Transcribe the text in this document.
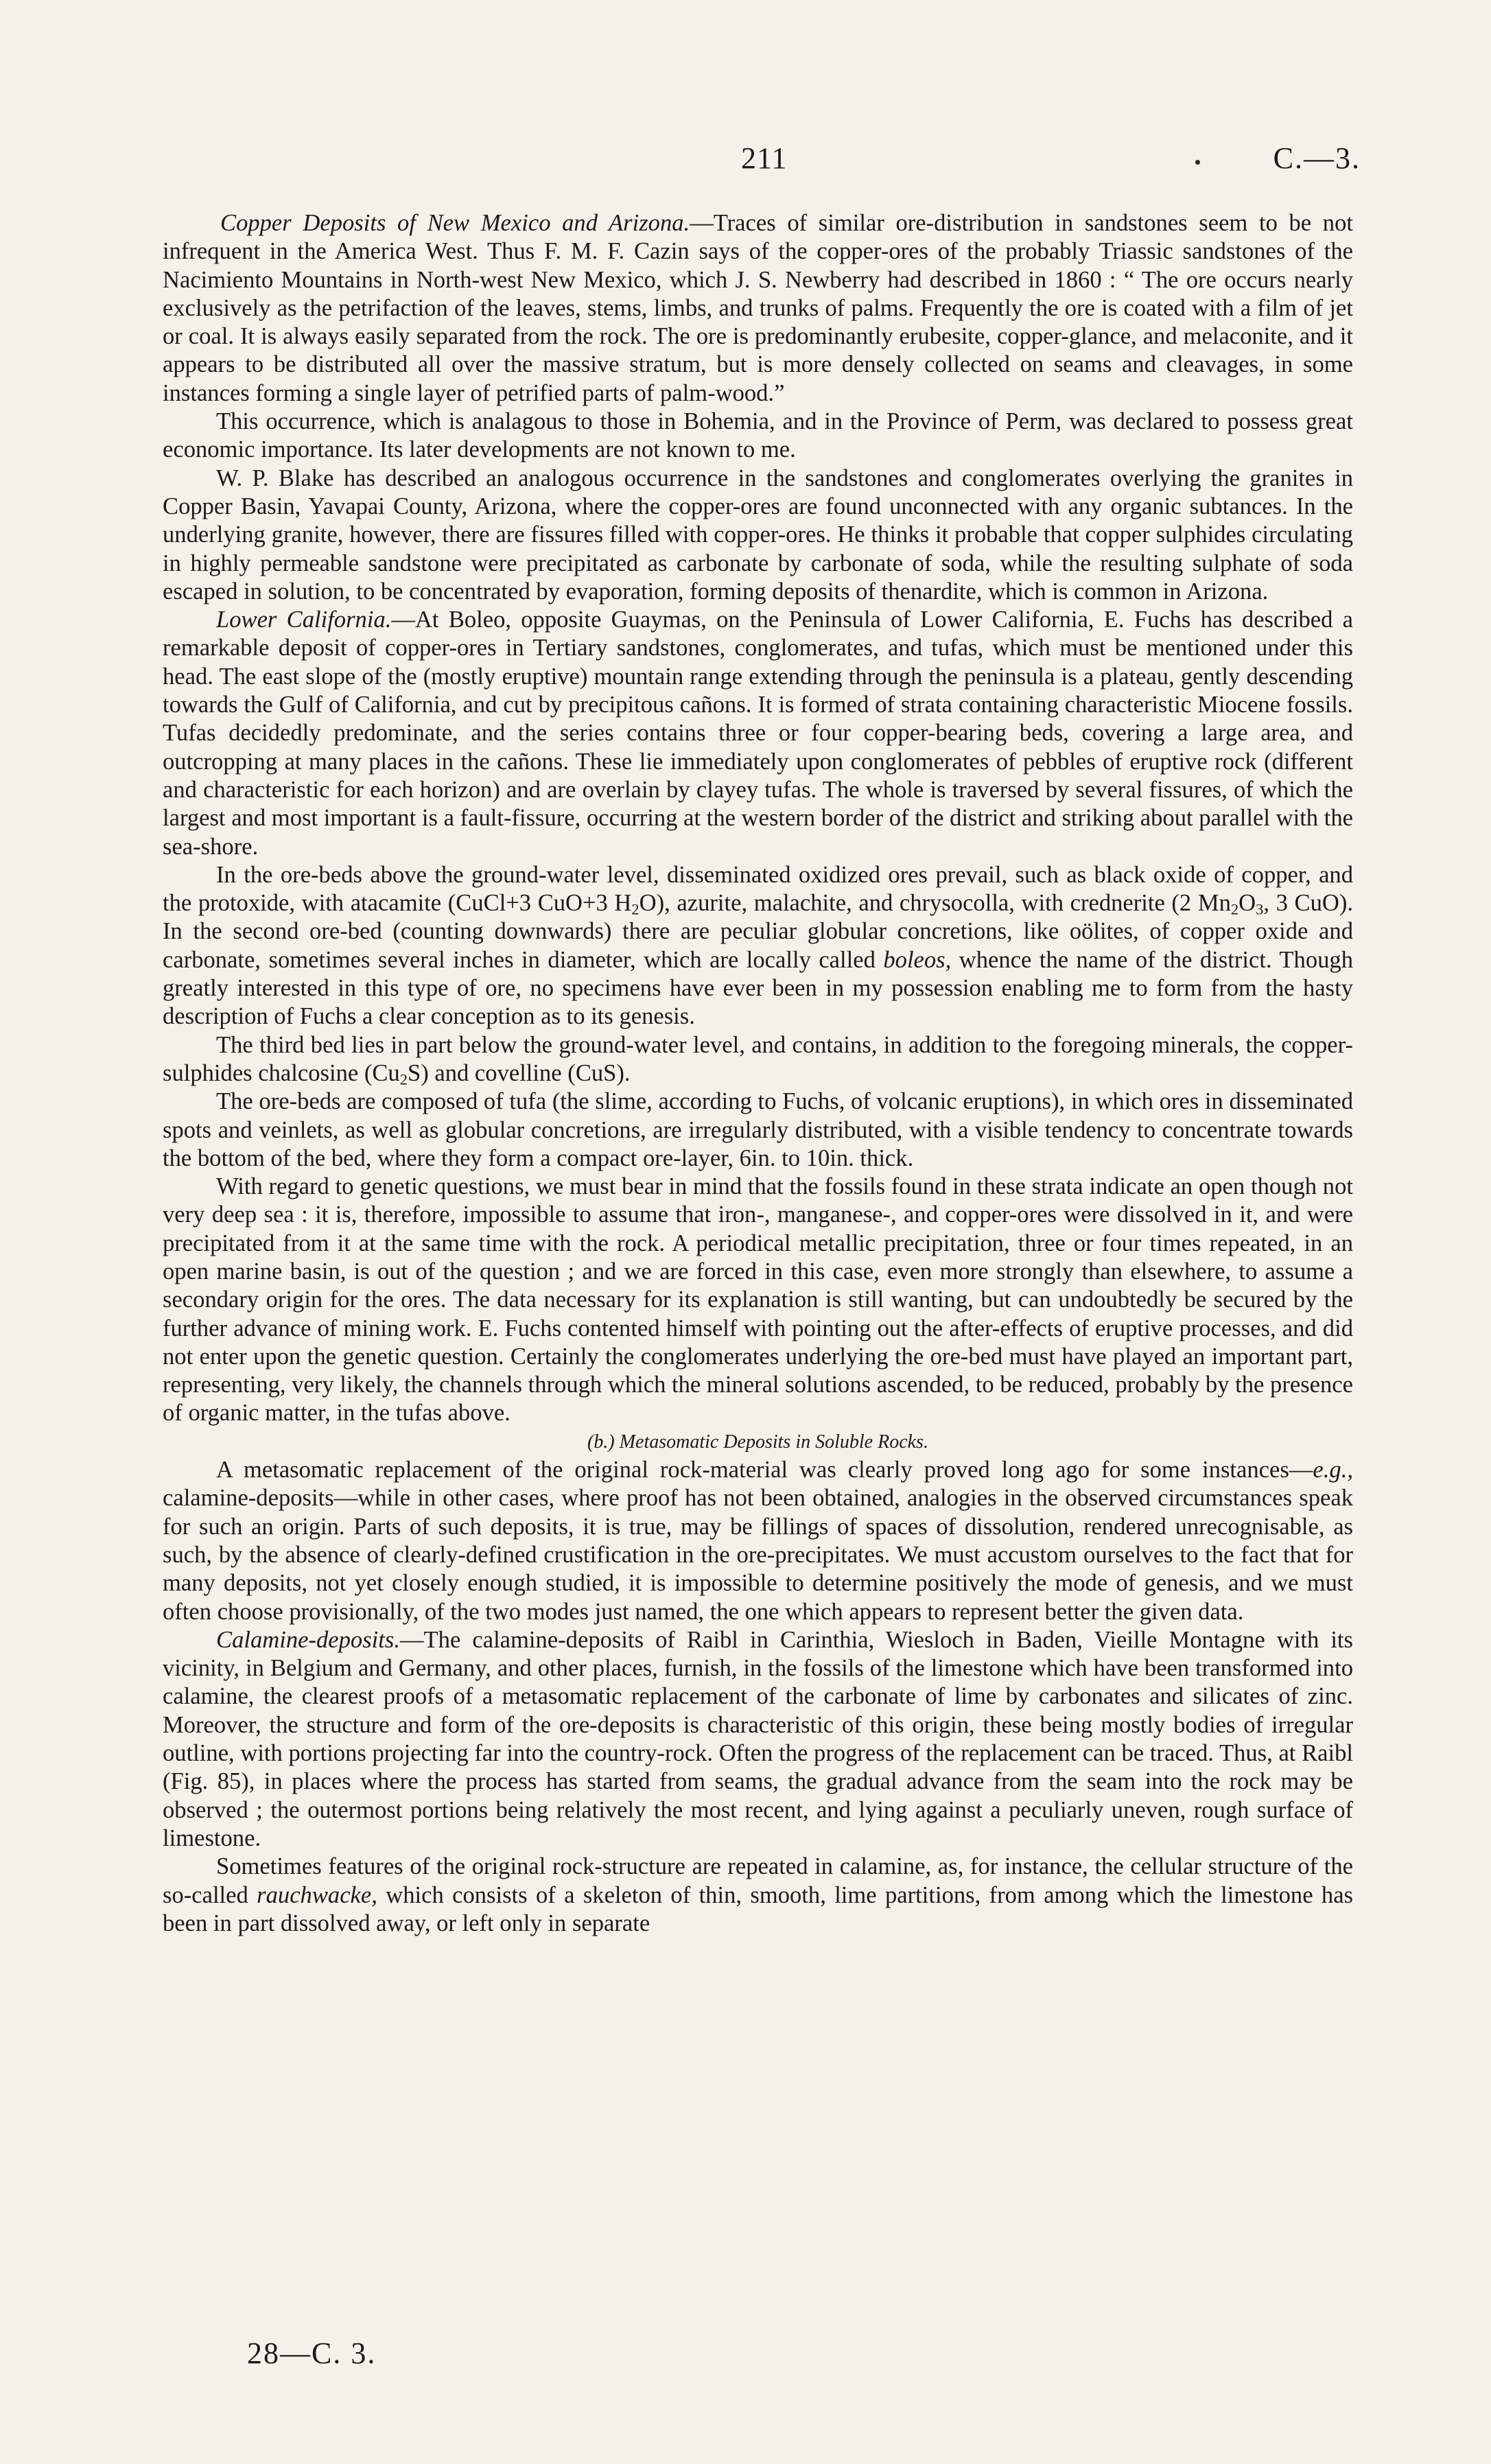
211	C.—3.

Copper Deposits of New Mexico and Arizona.—Traces of similar ore-distribution in sandstones seem to be not infrequent in the America West. Thus F. M. F. Cazin says of the copper-ores of the probably Triassic sandstones of the Nacimiento Mountains in North-west New Mexico, which J. S. Newberry had described in 1860 : “ The ore occurs nearly exclusively as the petrifaction of the leaves, stems, limbs, and trunks of palms. Frequently the ore is coated with a film of jet or coal. It is always easily separated from the rock. The ore is predominantly erubesite, copper-glance, and melaconite, and it appears to be distributed all over the massive stratum, but is more densely collected on seams and cleavages, in some instances forming a single layer of petrified parts of palm-wood.”

This occurrence, which is analagous to those in Bohemia, and in the Province of Perm, was declared to possess great economic importance. Its later developments are not known to me.

W. P. Blake has described an analogous occurrence in the sandstones and conglomerates overlying the granites in Copper Basin, Yavapai County, Arizona, where the copper-ores are found unconnected with any organic subtances. In the underlying granite, however, there are fissures filled with copper-ores. He thinks it probable that copper sulphides circulating in highly permeable sandstone were precipitated as carbonate by carbonate of soda, while the resulting sulphate of soda escaped in solution, to be concentrated by evaporation, forming deposits of thenardite, which is common in Arizona.

Lower California.—At Boleo, opposite Guaymas, on the Peninsula of Lower California, E. Fuchs has described a remarkable deposit of copper-ores in Tertiary sandstones, conglomerates, and tufas, which must be mentioned under this head. The east slope of the (mostly eruptive) mountain range extending through the peninsula is a plateau, gently descending towards the Gulf of California, and cut by precipitous cañons. It is formed of strata containing characteristic Miocene fossils. Tufas decidedly predominate, and the series contains three or four copper-bearing beds, covering a large area, and outcropping at many places in the cañons. These lie immediately upon conglomerates of pebbles of eruptive rock (different and characteristic for each horizon) and are overlain by clayey tufas. The whole is traversed by several fissures, of which the largest and most important is a fault-fissure, occurring at the western border of the district and striking about parallel with the sea-shore.

In the ore-beds above the ground-water level, disseminated oxidized ores prevail, such as black oxide of copper, and the protoxide, with atacamite (CuCl+3 CuO+3 $H_2O$), azurite, malachite, and chrysocolla, with crednerite (2 $Mn_2O_3$, 3 CuO). In the second ore-bed (counting downwards) there are peculiar globular concretions, like oölites, of copper oxide and carbonate, sometimes several inches in diameter, which are locally called boleos, whence the name of the district. Though greatly interested in this type of ore, no specimens have ever been in my possession enabling me to form from the hasty description of Fuchs a clear conception as to its genesis.

The third bed lies in part below the ground-water level, and contains, in addition to the foregoing minerals, the copper-sulphides chalcosine $(Cu_2S)$ and covelline (CuS).

The ore-beds are composed of tufa (the slime, according to Fuchs, of volcanic eruptions), in which ores in disseminated spots and veinlets, as well as globular concretions, are irregularly distributed, with a visible tendency to concentrate towards the bottom of the bed, where they form a compact ore-layer, 6in. to 10in. thick.

With regard to genetic questions, we must bear in mind that the fossils found in these strata indicate an open though not very deep sea : it is, therefore, impossible to assume that iron-, manganese-, and copper-ores were dissolved in it, and were precipitated from it at the same time with the rock. A periodical metallic precipitation, three or four times repeated, in an open marine basin, is out of the question ; and we are forced in this case, even more strongly than elsewhere, to assume a secondary origin for the ores. The data necessary for its explanation is still wanting, but can undoubtedly be secured by the further advance of mining work. E. Fuchs contented himself with pointing out the after-effects of eruptive processes, and did not enter upon the genetic question. Certainly the conglomerates underlying the ore-bed must have played an important part, representing, very likely, the channels through which the mineral solutions ascended, to be reduced, probably by the presence of organic matter, in the tufas above.

(b.) Metasomatic Deposits in Soluble Rocks.

A metasomatic replacement of the original rock-material was clearly proved long ago for some instances—e.g., calamine-deposits—while in other cases, where proof has not been obtained, analogies in the observed circumstances speak for such an origin. Parts of such deposits, it is true, may be fillings of spaces of dissolution, rendered unrecognisable, as such, by the absence of clearly-defined crustification in the ore-precipitates. We must accustom ourselves to the fact that for many deposits, not yet closely enough studied, it is impossible to determine positively the mode of genesis, and we must often choose provisionally, of the two modes just named, the one which appears to represent better the given data.

Calamine-deposits.—The calamine-deposits of Raibl in Carinthia, Wiesloch in Baden, Vieille Montagne with its vicinity, in Belgium and Germany, and other places, furnish, in the fossils of the limestone which have been transformed into calamine, the clearest proofs of a metasomatic replacement of the carbonate of lime by carbonates and silicates of zinc. Moreover, the structure and form of the ore-deposits is characteristic of this origin, these being mostly bodies of irregular outline, with portions projecting far into the country-rock. Often the progress of the replacement can be traced. Thus, at Raibl (Fig. 85), in places where the process has started from seams, the gradual advance from the seam into the rock may be observed ; the outermost portions being relatively the most recent, and lying against a peculiarly uneven, rough surface of limestone.

Sometimes features of the original rock-structure are repeated in calamine, as, for instance, the cellular structure of the so-called rauchwacke, which consists of a skeleton of thin, smooth, lime partitions, from among which the limestone has been in part dissolved away, or left only in separate

28—C. 3.
